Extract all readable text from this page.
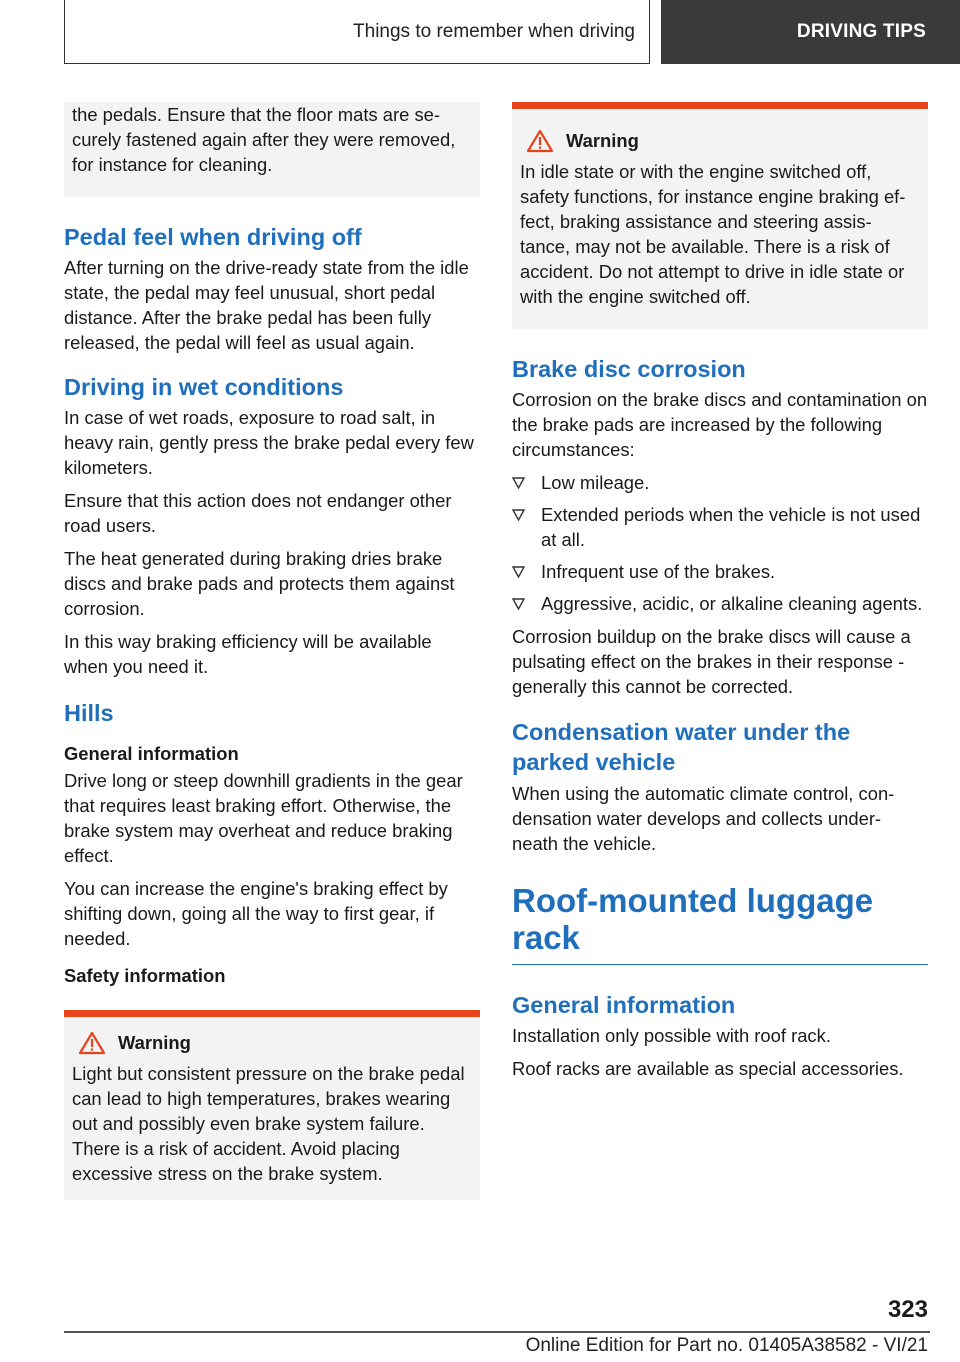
Things to remember when driving	DRIVING TIPS

the pedals. Ensure that the floor mats are se‐ curely fastened again after they were removed, for instance for cleaning.

Pedal feel when driving off

After turning on the drive-ready state from the idle state, the pedal may feel unusual, short pedal distance. After the brake pedal has been fully released, the pedal will feel as usual again.

Driving in wet conditions

In case of wet roads, exposure to road salt, in heavy rain, gently press the brake pedal every few kilometers.

Ensure that this action does not endanger other road users.

The heat generated during braking dries brake discs and brake pads and protects them against corrosion.

In this way braking efficiency will be available when you need it.

Hills
General information

Drive long or steep downhill gradients in the gear that requires least braking effort. Otherwise, the brake system may overheat and reduce braking effect.

You can increase the engine's braking effect by shifting down, going all the way to first gear, if needed.

Safety information
Warning

Light but consistent pressure on the brake pedal can lead to high temperatures, brakes wearing out and possibly even brake system failure. There is a risk of accident. Avoid placing excessive stress on the brake system.

Warning

In idle state or with the engine switched off, safety functions, for instance engine braking ef‐ fect, braking assistance and steering assis‐ tance, may not be available. There is a risk of accident. Do not attempt to drive in idle state or with the engine switched off.

Brake disc corrosion

Corrosion on the brake discs and contamination on the brake pads are increased by the following circumstances:

Low mileage.
Extended periods when the vehicle is not used at all.
Infrequent use of the brakes.
Aggressive, acidic, or alkaline cleaning agents.

Corrosion buildup on the brake discs will cause a pulsating effect on the brakes in their response - generally this cannot be corrected.

Condensation water under the parked vehicle

When using the automatic climate control, con‐ densation water develops and collects under‐ neath the vehicle.

Roof-mounted luggage rack
General information

Installation only possible with roof rack.

Roof racks are available as special accessories.

323
Online Edition for Part no. 01405A38582 - VI/21
